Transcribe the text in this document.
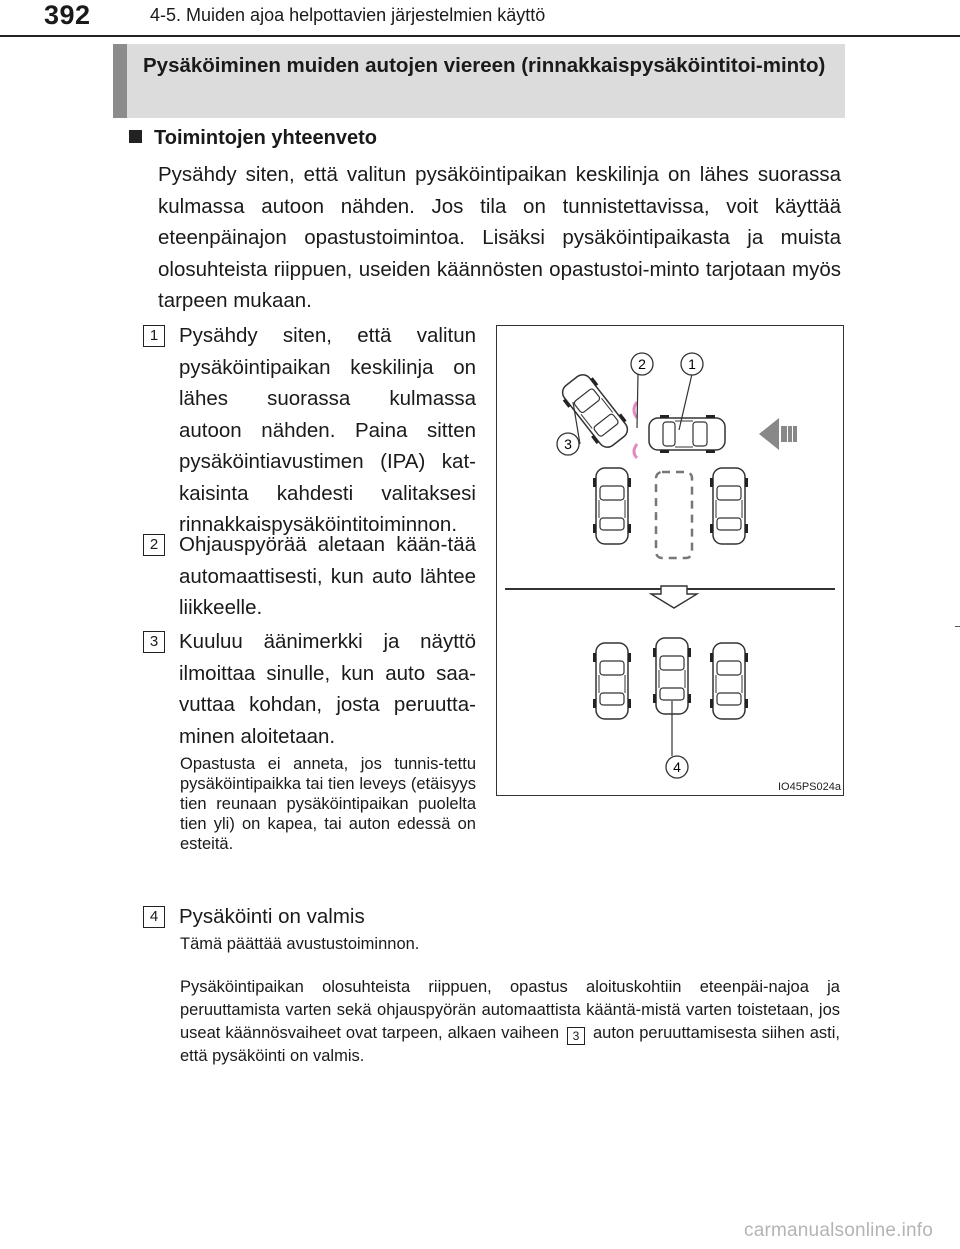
392	4-5. Muiden ajoa helpottavien järjestelmien käyttö
Pysäköiminen muiden autojen viereen (rinnakkaispysäköintitoi-minto)
Toimintojen yhteenveto
Pysähdy siten, että valitun pysäköintipaikan keskilinja on lähes suorassa kulmassa autoon nähden. Jos tila on tunnistettavissa, voit käyttää eteenpäinajon opastustoimintoa. Lisäksi pysäköintipaikasta ja muista olosuhteista riippuen, useiden käännösten opastustoi-minto tarjotaan myös tarpeen mukaan.
1	Pysähdy siten, että valitun pysäköintipaikan keskilinja on lähes suorassa kulmassa autoon nähden. Paina sitten pysäköintiavustimen (IPA) kat-kaisinta kahdesti valitaksesi rinnakkaispysäköintitoiminnon.
2	Ohjauspyörää aletaan kään-tää automaattisesti, kun auto lähtee liikkeelle.
3	Kuuluu äänimerkki ja näyttö ilmoittaa sinulle, kun auto saa-vuttaa kohdan, josta peruutta-minen aloitetaan.
Opastusta ei anneta, jos tunnis-tettu pysäköintipaikka tai tien leveys (etäisyys tien reunaan pysäköintipaikan puolelta tien yli) on kapea, tai auton edessä on esteitä.
4	Pysäköinti on valmis
Tämä päättää avustustoiminnon.
Pysäköintipaikan olosuhteista riippuen, opastus aloituskohtiin eteenpäi-najoa ja peruuttamista varten sekä ohjauspyörän automaattista kääntä-mistä varten toistetaan, jos useat käännösvaiheet ovat tarpeen, alkaen vaiheen 3 auton peruuttamisesta siihen asti, että pysäköinti on valmis.
2	1
3
4
IO45PS024a
carmanualsonline.info
